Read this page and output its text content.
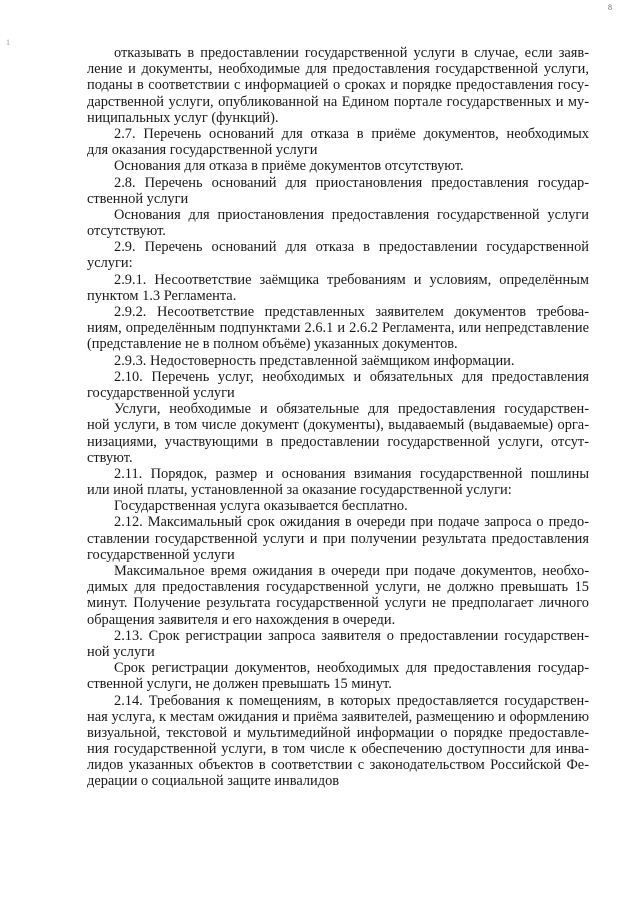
8
1
отказывать в предоставлении государственной услуги в случае, если заяв-
ление и документы, необходимые для предоставления государственной услуги,
поданы в соответствии с информацией о сроках и порядке предоставления госу-
дарственной услуги, опубликованной на Едином портале государственных и му-
ниципальных услуг (функций).
2.7. Перечень оснований для отказа в приёме документов, необходимых
для оказания государственной услуги
Основания для отказа в приёме документов отсутствуют.
2.8. Перечень оснований для приостановления предоставления государ-
ственной услуги
Основания для приостановления предоставления государственной услуги
отсутствуют.
2.9. Перечень оснований для отказа в предоставлении государственной
услуги:
2.9.1. Несоответствие заёмщика требованиям и условиям, определённым
пунктом 1.3 Регламента.
2.9.2. Несоответствие представленных заявителем документов требова-
ниям, определённым подпунктами 2.6.1 и 2.6.2 Регламента, или непредставление
(представление не в полном объёме) указанных документов.
2.9.3. Недостоверность представленной заёмщиком информации.
2.10. Перечень услуг, необходимых и обязательных для предоставления
государственной услуги
Услуги, необходимые и обязательные для предоставления государствен-
ной услуги, в том числе документ (документы), выдаваемый (выдаваемые) орга-
низациями, участвующими в предоставлении государственной услуги, отсут-
ствуют.
2.11. Порядок, размер и основания взимания государственной пошлины
или иной платы, установленной за оказание государственной услуги:
Государственная услуга оказывается бесплатно.
2.12. Максимальный срок ожидания в очереди при подаче запроса о предо-
ставлении государственной услуги и при получении результата предоставления
государственной услуги
Максимальное время ожидания в очереди при подаче документов, необхо-
димых для предоставления государственной услуги, не должно превышать 15
минут. Получение результата государственной услуги не предполагает личного
обращения заявителя и его нахождения в очереди.
2.13. Срок регистрации запроса заявителя о предоставлении государствен-
ной услуги
Срок регистрации документов, необходимых для предоставления государ-
ственной услуги, не должен превышать 15 минут.
2.14. Требования к помещениям, в которых предоставляется государствен-
ная услуга, к местам ожидания и приёма заявителей, размещению и оформлению
визуальной, текстовой и мультимедийной информации о порядке предоставле-
ния государственной услуги, в том числе к обеспечению доступности для инва-
лидов указанных объектов в соответствии с законодательством Российской Фе-
дерации о социальной защите инвалидов
